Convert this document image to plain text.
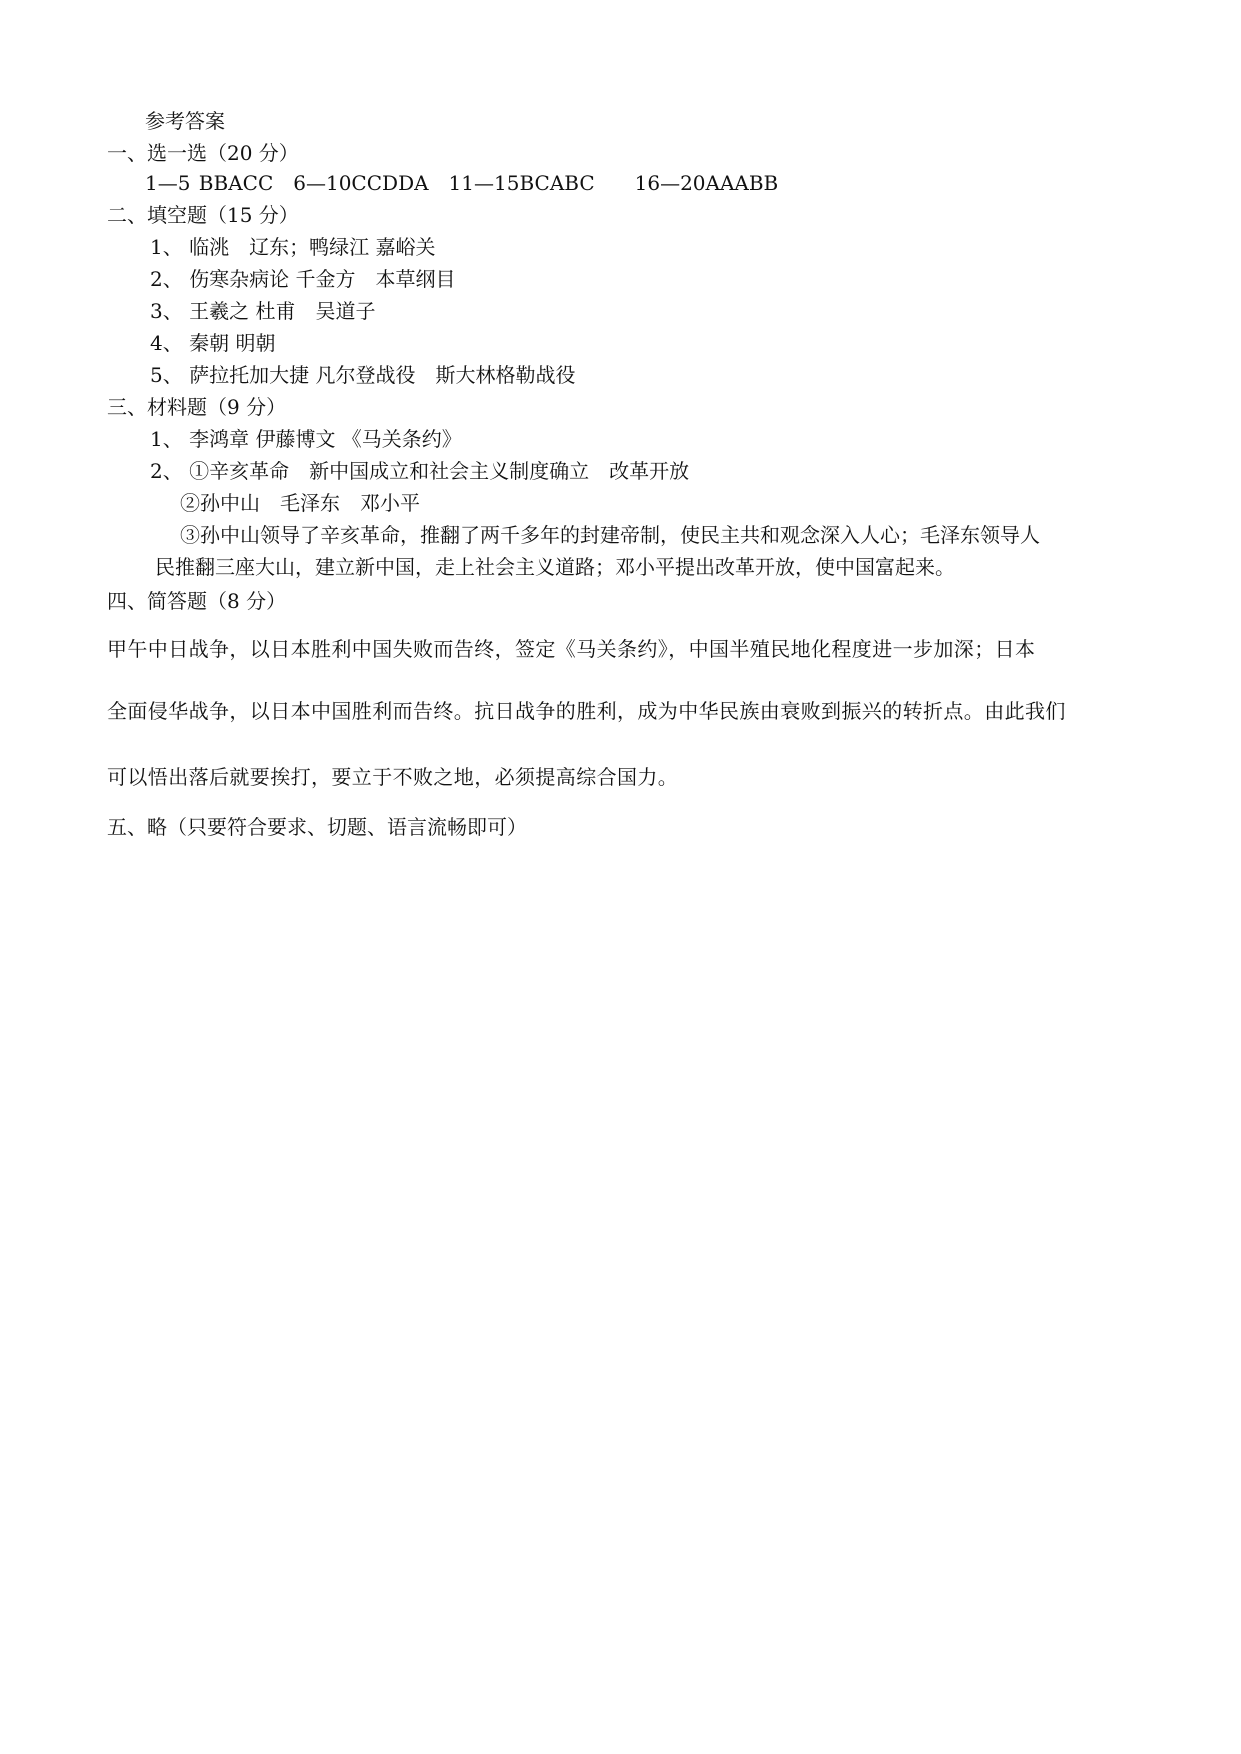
参考答案
一、选一选（20 分）
1—5 BBACC　6—10CCDDA　11—15BCABC　　16—20AAABB
二、填空题（15 分）
1、 临洮　辽东；鸭绿江 嘉峪关
2、 伤寒杂病论 千金方　本草纲目
3、 王羲之 杜甫　吴道子
4、 秦朝 明朝
5、 萨拉托加大捷 凡尔登战役　斯大林格勒战役
三、材料题（9 分）
1、 李鸿章 伊藤博文 《马关条约》
2、 ①辛亥革命　新中国成立和社会主义制度确立　改革开放
②孙中山　毛泽东　邓小平
③孙中山领导了辛亥革命，推翻了两千多年的封建帝制，使民主共和观念深入人心；毛泽东领导人
民推翻三座大山，建立新中国，走上社会主义道路；邓小平提出改革开放，使中国富起来。
四、简答题（8 分）
甲午中日战争，以日本胜利中国失败而告终，签定《马关条约》，中国半殖民地化程度进一步加深；日本
全面侵华战争，以日本中国胜利而告终。抗日战争的胜利，成为中华民族由衰败到振兴的转折点。由此我们
可以悟出落后就要挨打，要立于不败之地，必须提高综合国力。
五、略（只要符合要求、切题、语言流畅即可）
